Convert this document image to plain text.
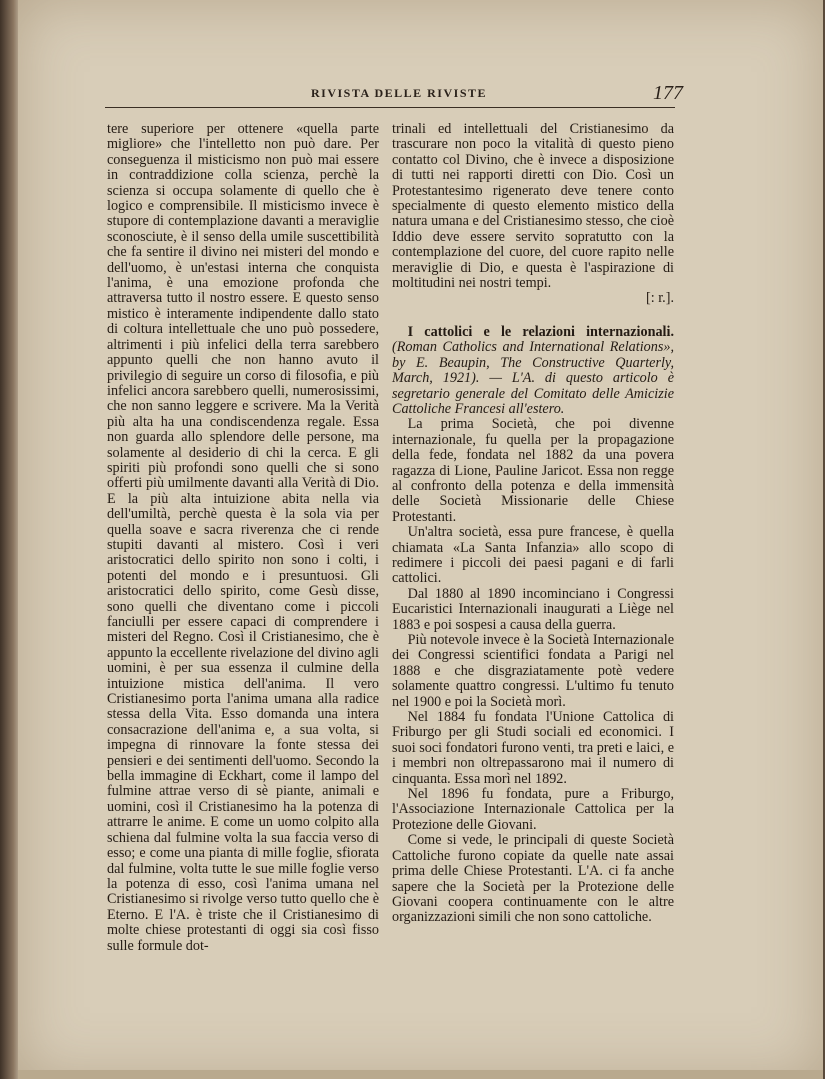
RIVISTA DELLE RIVISTE	177

tere superiore per ottenere «quella parte migliore» che l'intelletto non può dare. Per conseguenza il misticismo non può mai essere in contraddizione colla scienza, perchè la scienza si occupa solamente di quello che è logico e comprensibile. Il misticismo invece è stupore di contemplazione davanti a meraviglie sconosciute, è il senso della umile suscettibilità che fa sentire il divino nei misteri del mondo e dell'uomo, è un'estasi interna che conquista l'anima, è una emozione profonda che attraversa tutto il nostro essere. E questo senso mistico è interamente indipendente dallo stato di coltura intellettuale che uno può possedere, altrimenti i più infelici della terra sarebbero appunto quelli che non hanno avuto il privilegio di seguire un corso di filosofia, e più infelici ancora sarebbero quelli, numerosissimi, che non sanno leggere e scrivere. Ma la Verità più alta ha una condiscendenza regale. Essa non guarda allo splendore delle persone, ma solamente al desiderio di chi la cerca. E gli spiriti più profondi sono quelli che si sono offerti più umilmente davanti alla Verità di Dio. E la più alta intuizione abita nella via dell'umiltà, perchè questa è la sola via per quella soave e sacra riverenza che ci rende stupiti davanti al mistero. Così i veri aristocratici dello spirito non sono i colti, i potenti del mondo e i presuntuosi. Gli aristocratici dello spirito, come Gesù disse, sono quelli che diventano come i piccoli fanciulli per essere capaci di comprendere i misteri del Regno. Così il Cristianesimo, che è appunto la eccellente rivelazione del divino agli uomini, è per sua essenza il culmine della intuizione mistica dell'anima. Il vero Cristianesimo porta l'anima umana alla radice stessa della Vita. Esso domanda una intera consacrazione dell'anima e, a sua volta, si impegna di rinnovare la fonte stessa dei pensieri e dei sentimenti dell'uomo. Secondo la bella immagine di Eckhart, come il lampo del fulmine attrae verso di sè piante, animali e uomini, così il Cristianesimo ha la potenza di attrarre le anime. E come un uomo colpito alla schiena dal fulmine volta la sua faccia verso di esso; e come una pianta di mille foglie, sfiorata dal fulmine, volta tutte le sue mille foglie verso la potenza di esso, così l'anima umana nel Cristianesimo si rivolge verso tutto quello che è Eterno. E l'A. è triste che il Cristianesimo di molte chiese protestanti di oggi sia così fisso sulle formule dot-

trinali ed intellettuali del Cristianesimo da trascurare non poco la vitalità di questo pieno contatto col Divino, che è invece a disposizione di tutti nei rapporti diretti con Dio. Così un Protestantesimo rigenerato deve tenere conto specialmente di questo elemento mistico della natura umana e del Cristianesimo stesso, che cioè Iddio deve essere servito sopratutto con la contemplazione del cuore, del cuore rapito nelle meraviglie di Dio, e questa è l'aspirazione di moltitudini nei nostri tempi.

[: r.].

I cattolici e le relazioni internazionali. (Roman Catholics and International Relations», by E. Beaupin, The Constructive Quarterly, March, 1921). — L'A. di questo articolo è segretario generale del Comitato delle Amicizie Cattoliche Francesi all'estero.

La prima Società, che poi divenne internazionale, fu quella per la propagazione della fede, fondata nel 1882 da una povera ragazza di Lione, Pauline Jaricot. Essa non regge al confronto della potenza e della immensità delle Società Missionarie delle Chiese Protestanti.

Un'altra società, essa pure francese, è quella chiamata «La Santa Infanzia» allo scopo di redimere i piccoli dei paesi pagani e di farli cattolici.

Dal 1880 al 1890 incominciano i Congressi Eucaristici Internazionali inaugurati a Liège nel 1883 e poi sospesi a causa della guerra.

Più notevole invece è la Società Internazionale dei Congressi scientifici fondata a Parigi nel 1888 e che disgraziatamente potè vedere solamente quattro congressi. L'ultimo fu tenuto nel 1900 e poi la Società morì.

Nel 1884 fu fondata l'Unione Cattolica di Friburgo per gli Studi sociali ed economici. I suoi soci fondatori furono venti, tra preti e laici, e i membri non oltrepassarono mai il numero di cinquanta. Essa morì nel 1892.

Nel 1896 fu fondata, pure a Friburgo, l'Associazione Internazionale Cattolica per la Protezione delle Giovani.

Come si vede, le principali di queste Società Cattoliche furono copiate da quelle nate assai prima delle Chiese Protestanti. L'A. ci fa anche sapere che la Società per la Protezione delle Giovani coopera continuamente con le altre organizzazioni simili che non sono cattoliche.
